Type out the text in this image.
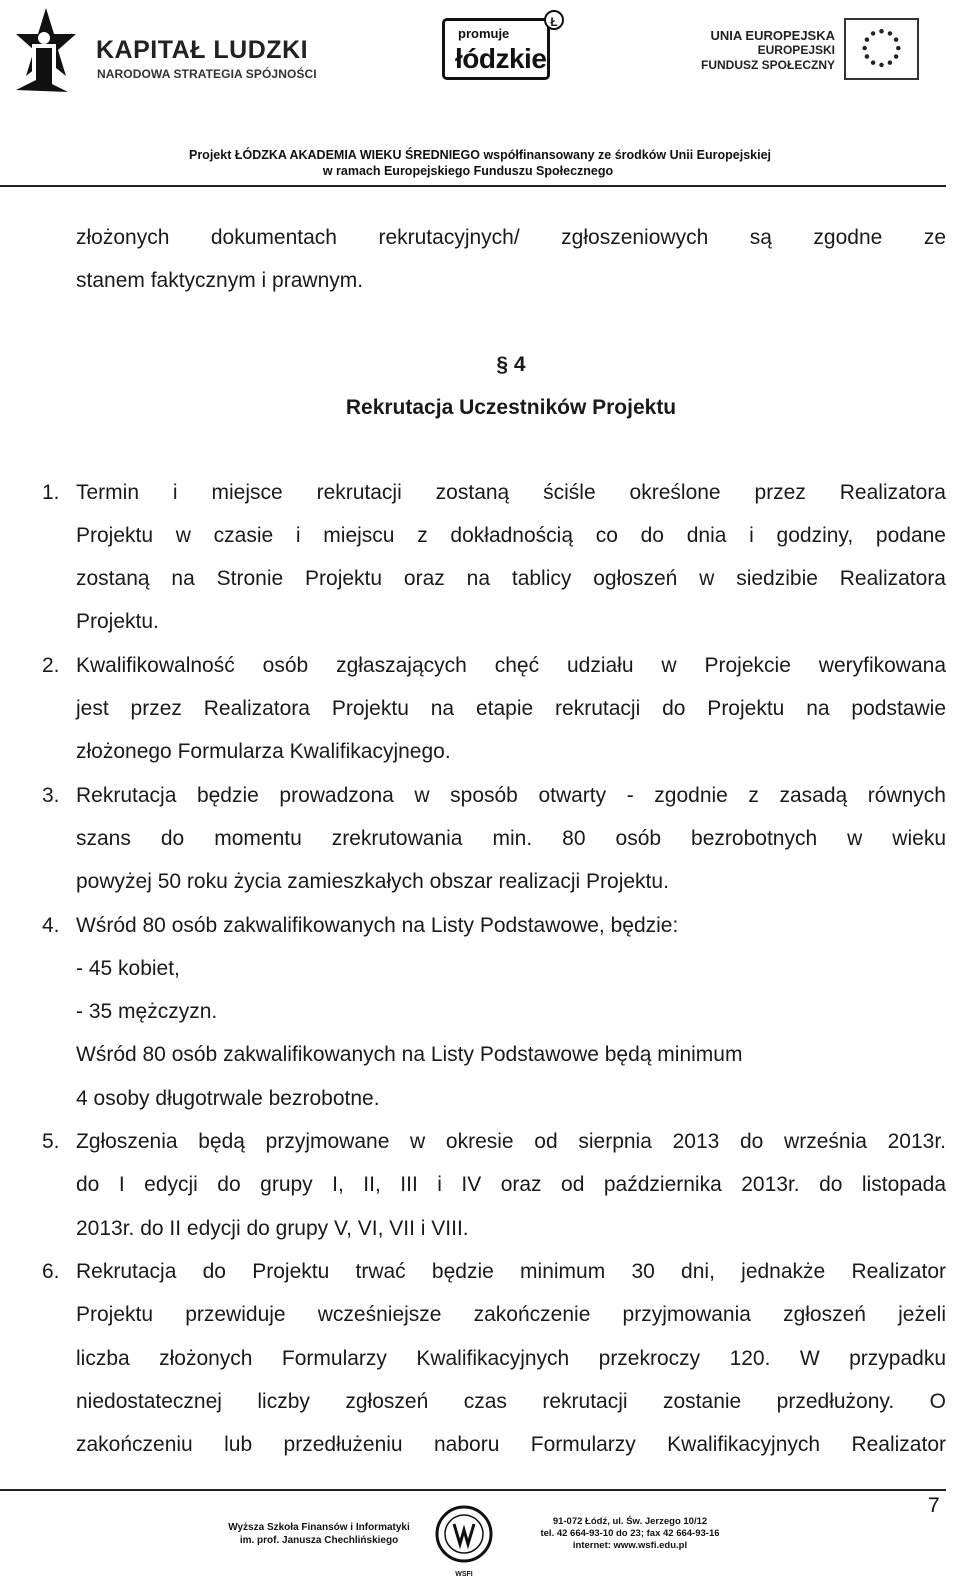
KAPITAŁ LUDZKI
NARODOWA STRATEGIA SPÓJNOŚCI
promuje
łódzkie
Ł
UNIA EUROPEJSKA
EUROPEJSKI
FUNDUSZ SPOŁECZNY
Projekt ŁÓDZKA AKADEMIA WIEKU ŚREDNIEGO współfinansowany ze środków Unii Europejskiej
w ramach Europejskiego Funduszu Społecznego

złożonych dokumentach rekrutacyjnych/ zgłoszeniowych są zgodne ze

stanem faktycznym i prawnym.

§ 4
Rekrutacja Uczestników Projektu

1. Termin i miejsce rekrutacji zostaną ściśle określone przez Realizatora

Projektu w czasie i miejscu z dokładnością co do dnia i godziny, podane

zostaną na Stronie Projektu oraz na tablicy ogłoszeń w siedzibie Realizatora

Projektu.

2. Kwalifikowalność osób zgłaszających chęć udziału w Projekcie weryfikowana

jest przez Realizatora Projektu na etapie rekrutacji do Projektu na podstawie

złożonego Formularza Kwalifikacyjnego.

3. Rekrutacja będzie prowadzona w sposób otwarty - zgodnie z zasadą równych

szans do momentu zrekrutowania min. 80 osób bezrobotnych w wieku

powyżej 50 roku życia zamieszkałych obszar realizacji Projektu.

4. Wśród 80 osób zakwalifikowanych na Listy Podstawowe, będzie:

- 45 kobiet,

- 35 mężczyzn.

Wśród 80 osób zakwalifikowanych na Listy Podstawowe będą minimum

4 osoby długotrwale bezrobotne.

5. Zgłoszenia będą przyjmowane w okresie od sierpnia 2013 do września 2013r.

do I edycji do grupy I, II, III i IV oraz od października 2013r. do listopada

2013r. do II edycji do grupy V, VI, VII i VIII.

6. Rekrutacja do Projektu trwać będzie minimum 30 dni, jednakże Realizator

Projektu przewiduje wcześniejsze zakończenie przyjmowania zgłoszeń jeżeli

liczba złożonych Formularzy Kwalifikacyjnych przekroczy 120. W przypadku

niedostatecznej liczby zgłoszeń czas rekrutacji zostanie przedłużony. O

zakończeniu lub przedłużeniu naboru Formularzy Kwalifikacyjnych Realizator

7
Wyższa Szkoła Finansów i Informatyki
im. prof. Janusza Chechlińskiego
WSFI
91-072 Łódź, ul. Św. Jerzego 10/12
tel. 42 664-93-10 do 23; fax 42 664-93-16
internet: www.wsfi.edu.pl
